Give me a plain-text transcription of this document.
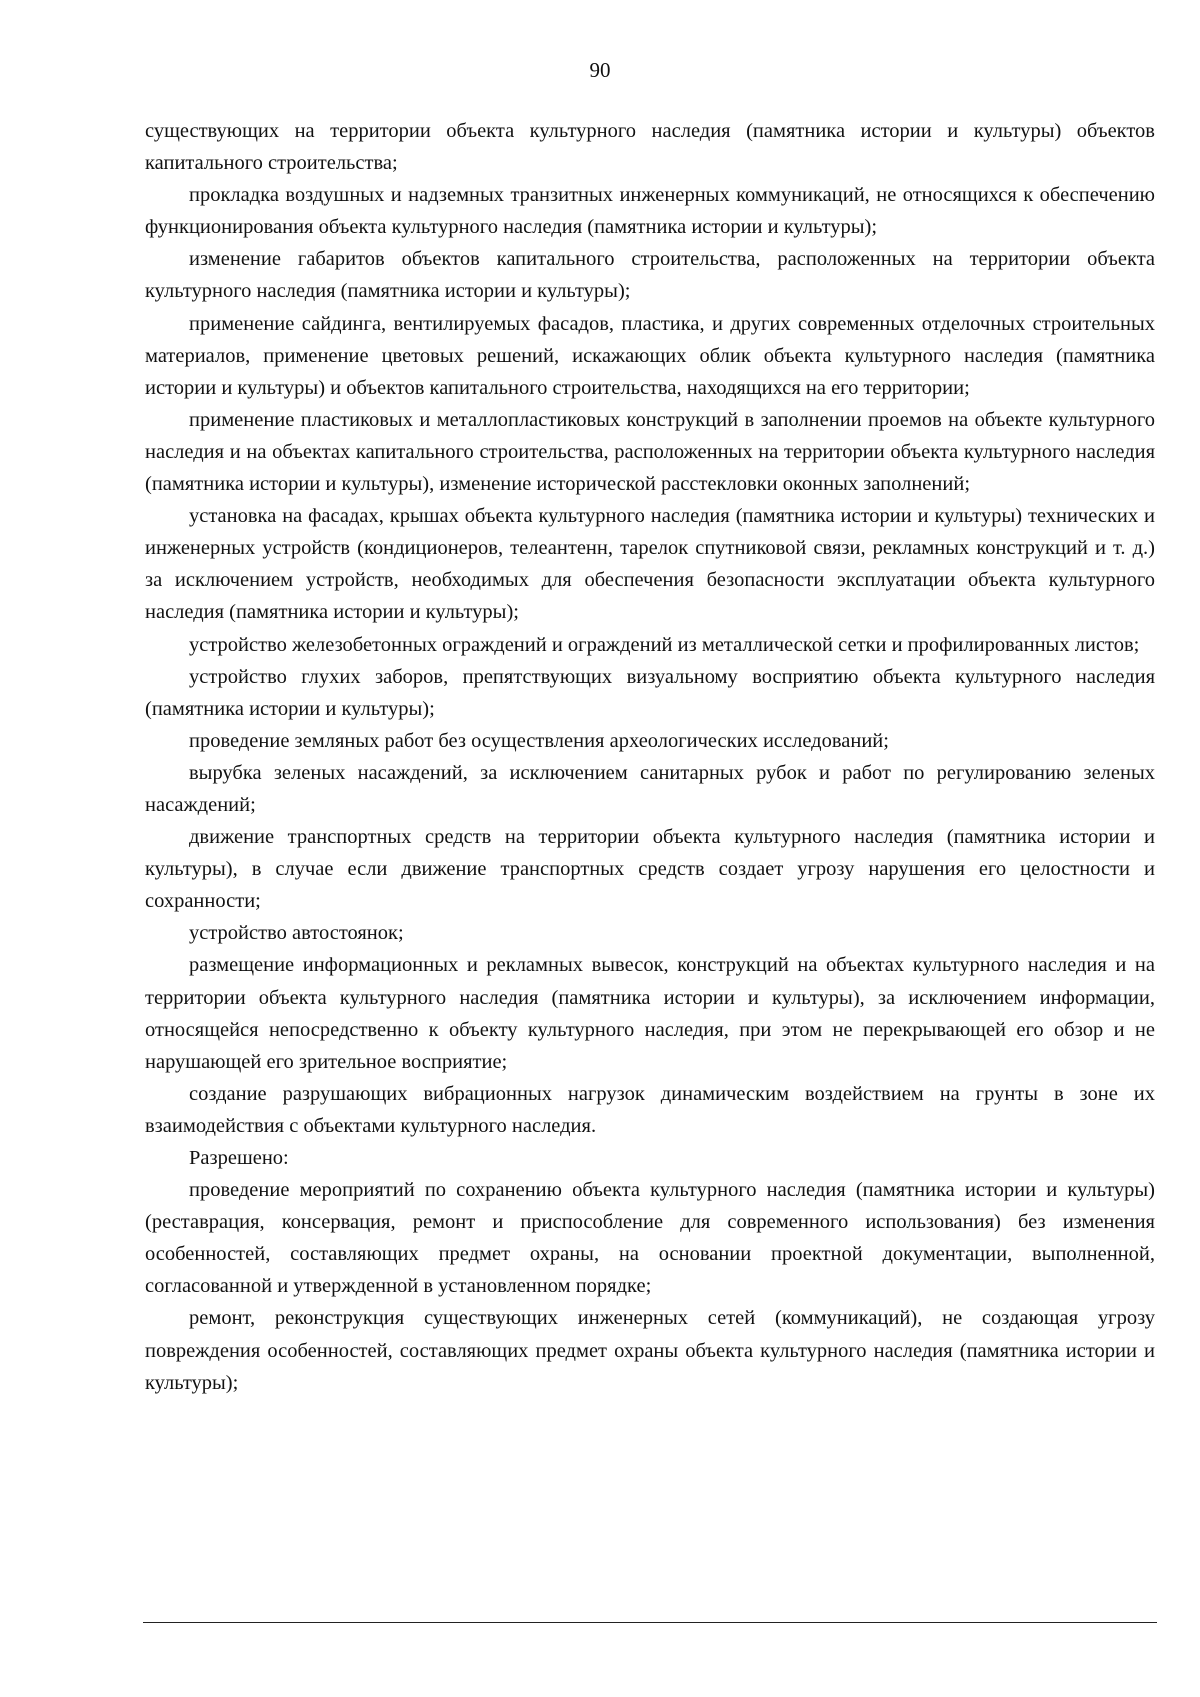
90

существующих на территории объекта культурного наследия (памятника истории и культуры) объектов капитального строительства;

прокладка воздушных и надземных транзитных инженерных коммуникаций, не относящихся к обеспечению функционирования объекта культурного наследия (памятника истории и культуры);

изменение габаритов объектов капитального строительства, расположенных на территории объекта культурного наследия (памятника истории и культуры);

применение сайдинга, вентилируемых фасадов, пластика, и других современных отделочных строительных материалов, применение цветовых решений, искажающих облик объекта культурного наследия (памятника истории и культуры) и объектов капитального строительства, находящихся на его территории;

применение пластиковых и металлопластиковых конструкций в заполнении проемов на объекте культурного наследия и на объектах капитального строительства, расположенных на территории объекта культурного наследия (памятника истории и культуры), изменение исторической расстекловки оконных заполнений;

установка на фасадах, крышах объекта культурного наследия (памятника истории и культуры) технических и инженерных устройств (кондиционеров, телеантенн, тарелок спутниковой связи, рекламных конструкций и т. д.) за исключением устройств, необходимых для обеспечения безопасности эксплуатации объекта культурного наследия (памятника истории и культуры);

устройство железобетонных ограждений и ограждений из металлической сетки и профилированных листов;

устройство глухих заборов, препятствующих визуальному восприятию объекта культурного наследия (памятника истории и культуры);

проведение земляных работ без осуществления археологических исследований;

вырубка зеленых насаждений, за исключением санитарных рубок и работ по регулированию зеленых насаждений;

движение транспортных средств на территории объекта культурного наследия (памятника истории и культуры), в случае если движение транспортных средств создает угрозу нарушения его целостности и сохранности;

устройство автостоянок;

размещение информационных и рекламных вывесок, конструкций на объектах культурного наследия и на территории объекта культурного наследия (памятника истории и культуры), за исключением информации, относящейся непосредственно к объекту культурного наследия, при этом не перекрывающей его обзор и не нарушающей его зрительное восприятие;

создание разрушающих вибрационных нагрузок динамическим воздействием на грунты в зоне их взаимодействия с объектами культурного наследия.

Разрешено:

проведение мероприятий по сохранению объекта культурного наследия (памятника истории и культуры) (реставрация, консервация, ремонт и приспособление для современного использования) без изменения особенностей, составляющих предмет охраны, на основании проектной документации, выполненной, согласованной и утвержденной в установленном порядке;

ремонт, реконструкция существующих инженерных сетей (коммуникаций), не создающая угрозу повреждения особенностей, составляющих предмет охраны объекта культурного наследия (памятника истории и культуры);
